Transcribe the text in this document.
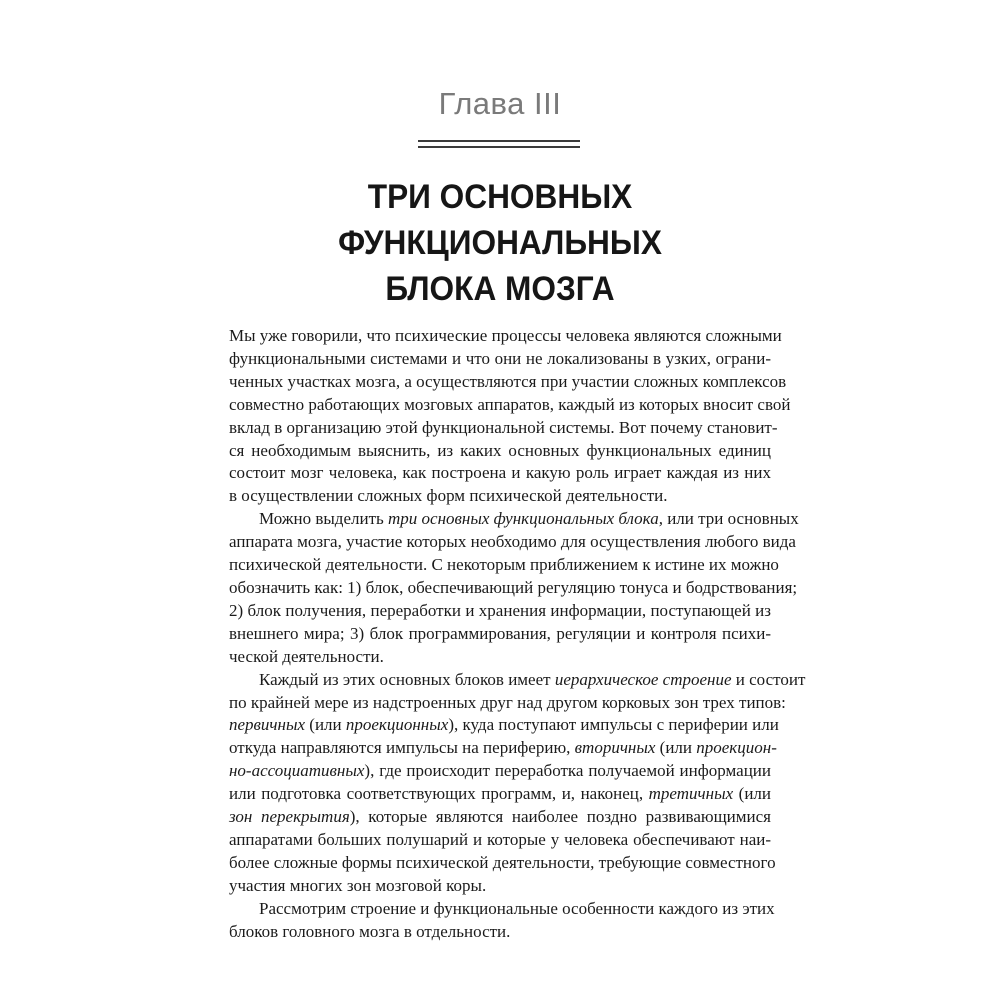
Глава III
ТРИ ОСНОВНЫХ
ФУНКЦИОНАЛЬНЫХ
БЛОКА МОЗГА
Мы уже говорили, что психические процессы человека являются сложными
функциональными системами и что они не локализованы в узких, ограни-
ченных участках мозга, а осуществляются при участии сложных комплексов
совместно работающих мозговых аппаратов, каждый из которых вносит свой
вклад в организацию этой функциональной системы. Вот почему становит-
ся необходимым выяснить, из каких основных функциональных единиц
состоит мозг человека, как построена и какую роль играет каждая из них
в осуществлении сложных форм психической деятельности.
Можно выделить три основных функциональных блока, или три основных
аппарата мозга, участие которых необходимо для осуществления любого вида
психической деятельности. С некоторым приближением к истине их можно
обозначить как: 1) блок, обеспечивающий регуляцию тонуса и бодрствования;
2) блок получения, переработки и хранения информации, поступающей из
внешнего мира; 3) блок программирования, регуляции и контроля психи-
ческой деятельности.
Каждый из этих основных блоков имеет иерархическое строение и состоит
по крайней мере из надстроенных друг над другом корковых зон трех типов:
первичных (или проекционных), куда поступают импульсы с периферии или
откуда направляются импульсы на периферию, вторичных (или проекцион-
но-ассоциативных), где происходит переработка получаемой информации
или подготовка соответствующих программ, и, наконец, третичных (или
зон перекрытия), которые являются наиболее поздно развивающимися
аппаратами больших полушарий и которые у человека обеспечивают наи-
более сложные формы психической деятельности, требующие совместного
участия многих зон мозговой коры.
Рассмотрим строение и функциональные особенности каждого из этих
блоков головного мозга в отдельности.
